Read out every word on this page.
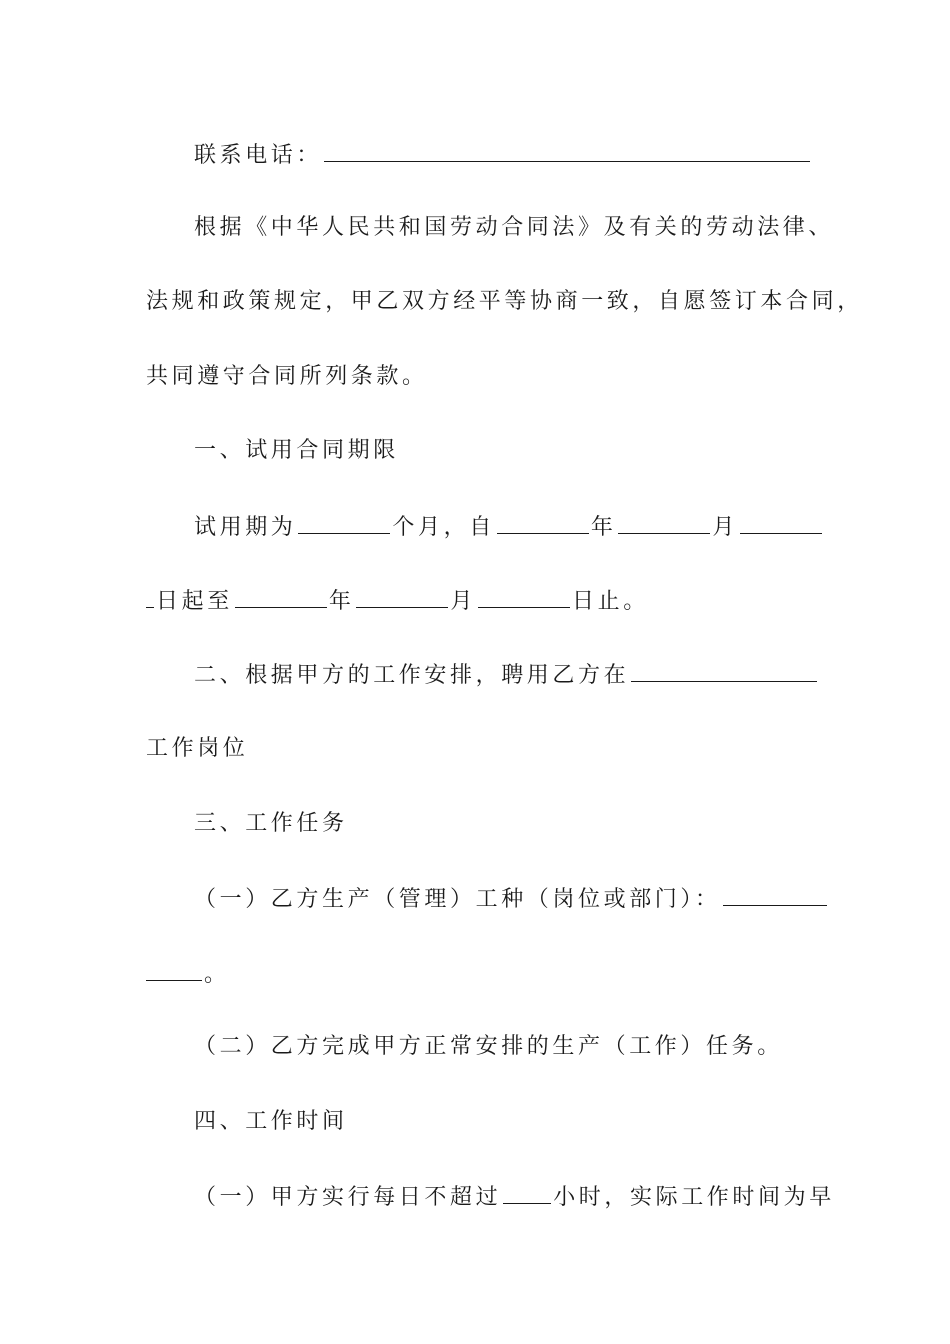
联系电话：
根据《中华人民共和国劳动合同法》及有关的劳动法律、
法规和政策规定，甲乙双方经平等协商一致，自愿签订本合同，
共同遵守合同所列条款。
一、试用合同期限
试用期为	个月，自	年	月
日起至	年	月	日止。
二、根据甲方的工作安排，聘用乙方在
工作岗位
三、工作任务
（一）乙方生产（管理）工种（岗位或部门）：
。
（二）乙方完成甲方正常安排的生产（工作）任务。
四、工作时间
（一）甲方实行每日不超过 小时，实际工作时间为早
